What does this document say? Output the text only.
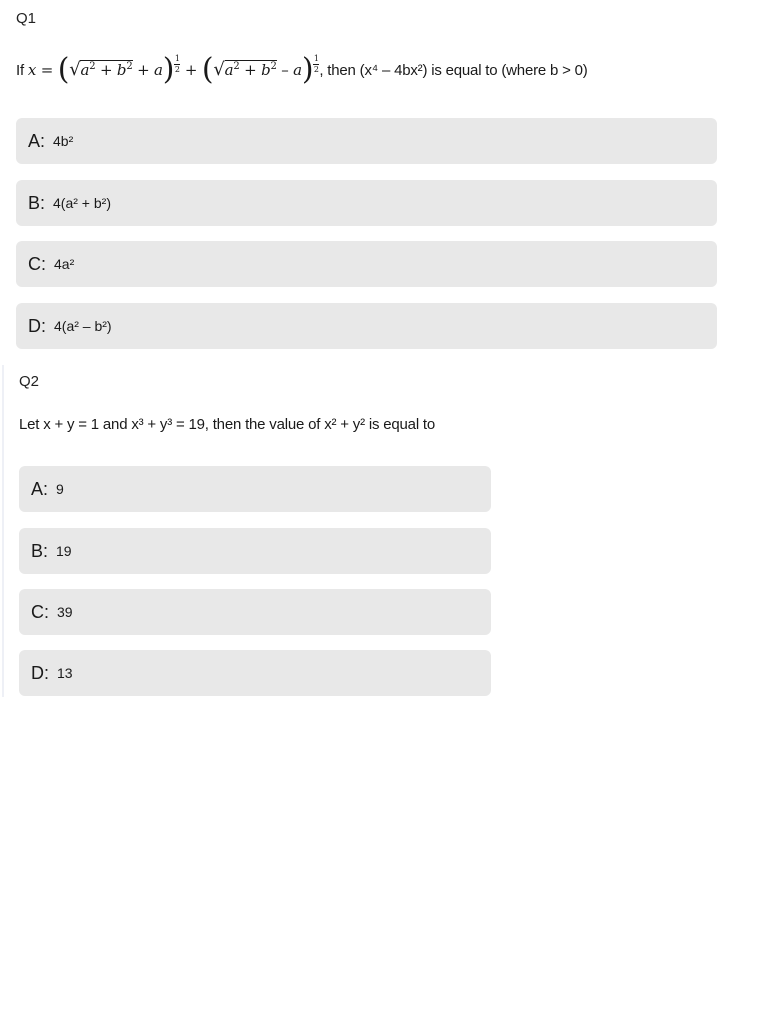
Q1
If $x = (√a^2 + b^2 + a) \frac{1}{2} + (√a^2 + b^2 - a) \frac{1}{2}$ , then (x⁴ – 4bx²) is equal to (where b > 0)
A: 4b²
B: 4(a² + b²)
C: 4a²
D: 4(a² – b²)
Q2
Let x + y = 1 and x³ + y³ = 19, then the value of x² + y² is equal to
A: 9
B: 19
C: 39
D: 13
